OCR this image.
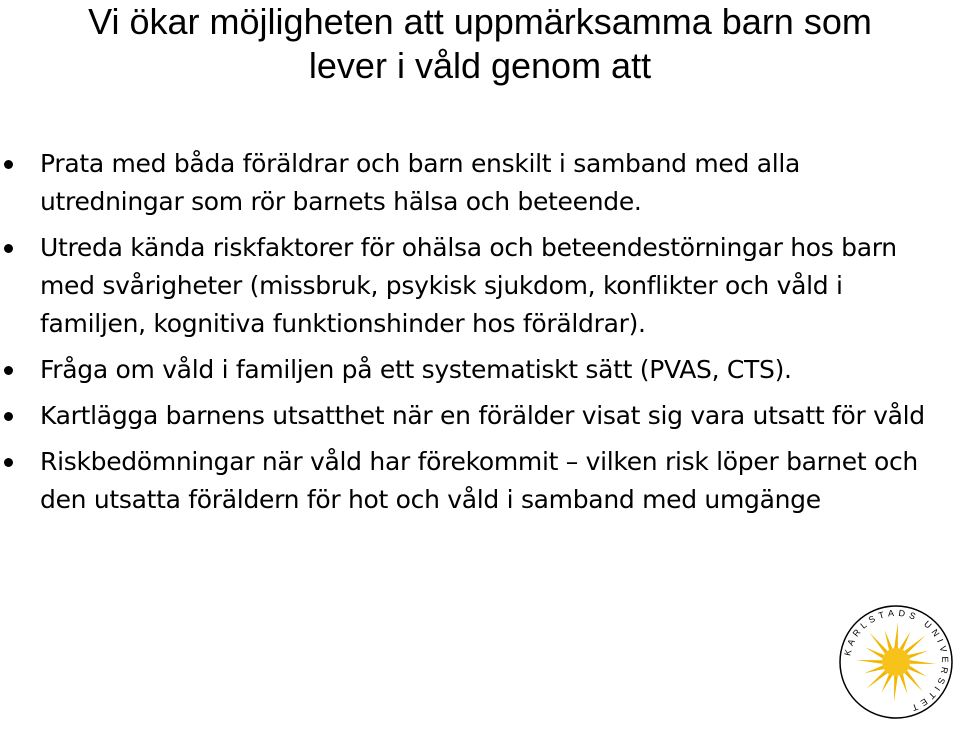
Vi ökar möjligheten att uppmärksamma barn som
lever i våld genom att
Prata med båda föräldrar och barn enskilt i samband med alla utredningar som rör barnets hälsa och beteende.
Utreda kända riskfaktorer för ohälsa och beteendestörningar hos barn med svårigheter (missbruk, psykisk sjukdom, konflikter och våld i familjen, kognitiva funktionshinder hos föräldrar).
Fråga om våld i familjen på ett systematiskt sätt (PVAS, CTS).
Kartlägga barnens utsatthet när en förälder visat sig vara utsatt för våld
Riskbedömningar när våld har förekommit – vilken risk löper barnet och den utsatta föräldern för hot och våld i samband med umgänge
KARLSTADS UNIVERSITET
